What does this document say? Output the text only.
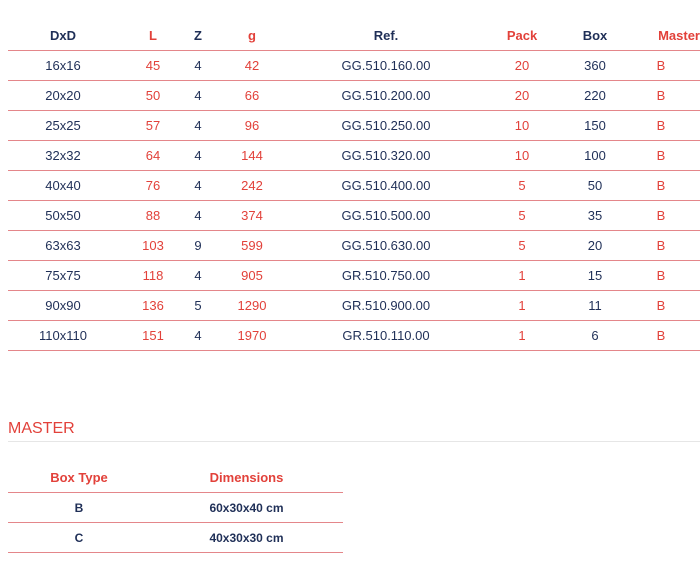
DxD	L	Z	g	Ref.	Pack	Box	Master
16x16	45	4	42	GG.510.160.00	20	360	B
20x20	50	4	66	GG.510.200.00	20	220	B
25x25	57	4	96	GG.510.250.00	10	150	B
32x32	64	4	144	GG.510.320.00	10	100	B
40x40	76	4	242	GG.510.400.00	5	50	B
50x50	88	4	374	GG.510.500.00	5	35	B
63x63	103	9	599	GG.510.630.00	5	20	B
75x75	118	4	905	GR.510.750.00	1	15	B
90x90	136	5	1290	GR.510.900.00	1	11	B
110x110	151	4	1970	GR.510.110.00	1	6	B
MASTER
Box Type	Dimensions
B	60x30x40 cm
C	40x30x30 cm
